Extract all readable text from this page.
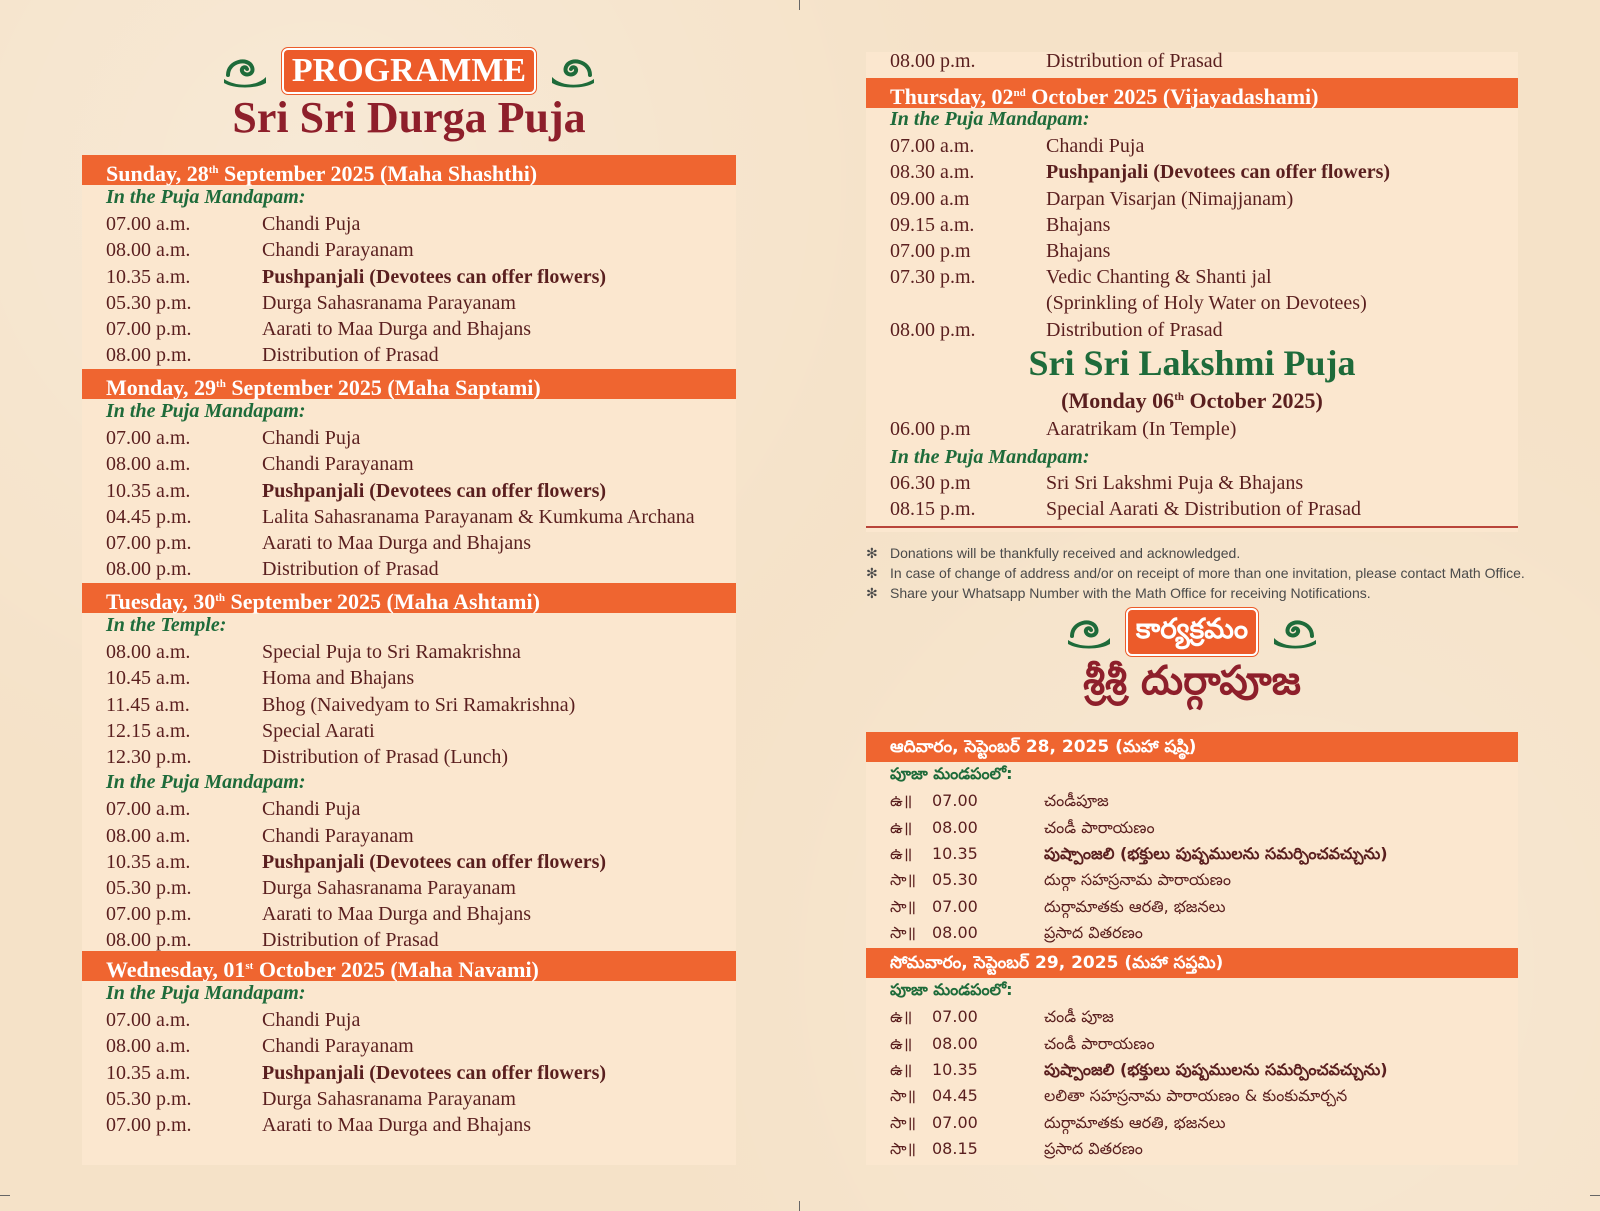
PROGRAMME
Sri Sri Durga Puja
Sunday, 28th September 2025 (Maha Shashthi)
In the Puja Mandapam:
07.00 a.m.	Chandi Puja
08.00 a.m.	Chandi Parayanam
10.35 a.m.	Pushpanjali (Devotees can offer flowers)
05.30 p.m.	Durga Sahasranama Parayanam
07.00 p.m.	Aarati to Maa Durga and Bhajans
08.00 p.m.	Distribution of Prasad
Monday, 29th September 2025 (Maha Saptami)
In the Puja Mandapam:
07.00 a.m.	Chandi Puja
08.00 a.m.	Chandi Parayanam
10.35 a.m.	Pushpanjali (Devotees can offer flowers)
04.45 p.m.	Lalita Sahasranama Parayanam & Kumkuma Archana
07.00 p.m.	Aarati to Maa Durga and Bhajans
08.00 p.m.	Distribution of Prasad
Tuesday, 30th September 2025 (Maha Ashtami)
In the Temple:
08.00 a.m.	Special Puja to Sri Ramakrishna
10.45 a.m.	Homa and Bhajans
11.45 a.m.	Bhog (Naivedyam to Sri Ramakrishna)
12.15 a.m.	Special Aarati
12.30 p.m.	Distribution of Prasad (Lunch)
In the Puja Mandapam:
07.00 a.m.	Chandi Puja
08.00 a.m.	Chandi Parayanam
10.35 a.m.	Pushpanjali (Devotees can offer flowers)
05.30 p.m.	Durga Sahasranama Parayanam
07.00 p.m.	Aarati to Maa Durga and Bhajans
08.00 p.m.	Distribution of Prasad
Wednesday, 01st October 2025 (Maha Navami)
In the Puja Mandapam:
07.00 a.m.	Chandi Puja
08.00 a.m.	Chandi Parayanam
10.35 a.m.	Pushpanjali (Devotees can offer flowers)
05.30 p.m.	Durga Sahasranama Parayanam
07.00 p.m.	Aarati to Maa Durga and Bhajans
08.00 p.m.	Distribution of Prasad
Thursday, 02nd October 2025 (Vijayadashami)
In the Puja Mandapam:
07.00 a.m.	Chandi Puja
08.30 a.m.	Pushpanjali (Devotees can offer flowers)
09.00 a.m	Darpan Visarjan (Nimajjanam)
09.15 a.m.	Bhajans
07.00 p.m	Bhajans
07.30 p.m.	Vedic Chanting & Shanti jal
(Sprinkling of Holy Water on Devotees)
08.00 p.m.	Distribution of Prasad
Sri Sri Lakshmi Puja
(Monday 06th October 2025)
06.00 p.m	Aaratrikam (In Temple)
In the Puja Mandapam:
06.30 p.m	Sri Sri Lakshmi Puja & Bhajans
08.15 p.m.	Special Aarati & Distribution of Prasad
✻ Donations will be thankfully received and acknowledged.
✻ In case of change of address and/or on receipt of more than one invitation, please contact Math Office.
✻ Share your Whatsapp Number with the Math Office for receiving Notifications.
కార్యక్రమం
శ్రీశ్రీ దుర్గాపూజ
ఆదివారం, సెప్టెంబర్ 28, 2025 (మహా షష్ఠి)
పూజా మండపంలో:
ఉ॥ 07.00	చండీపూజ
ఉ॥ 08.00	చండీ పారాయణం
ఉ॥ 10.35	పుష్పాంజలి (భక్తులు పుష్పములను సమర్పించవచ్చును)
సా॥ 05.30	దుర్గా సహస్రనామ పారాయణం
సా॥ 07.00	దుర్గామాతకు ఆరతి, భజనలు
సా॥ 08.00	ప్రసాద వితరణం
సోమవారం, సెప్టెంబర్ 29, 2025 (మహా సప్తమి)
పూజా మండపంలో:
ఉ॥ 07.00	చండీ పూజ
ఉ॥ 08.00	చండీ పారాయణం
ఉ॥ 10.35	పుష్పాంజలి (భక్తులు పుష్పములను సమర్పించవచ్చును)
సా॥ 04.45	లలితా సహస్రనామ పారాయణం & కుంకుమార్చన
సా॥ 07.00	దుర్గామాతకు ఆరతి, భజనలు
సా॥ 08.15	ప్రసాద వితరణం
